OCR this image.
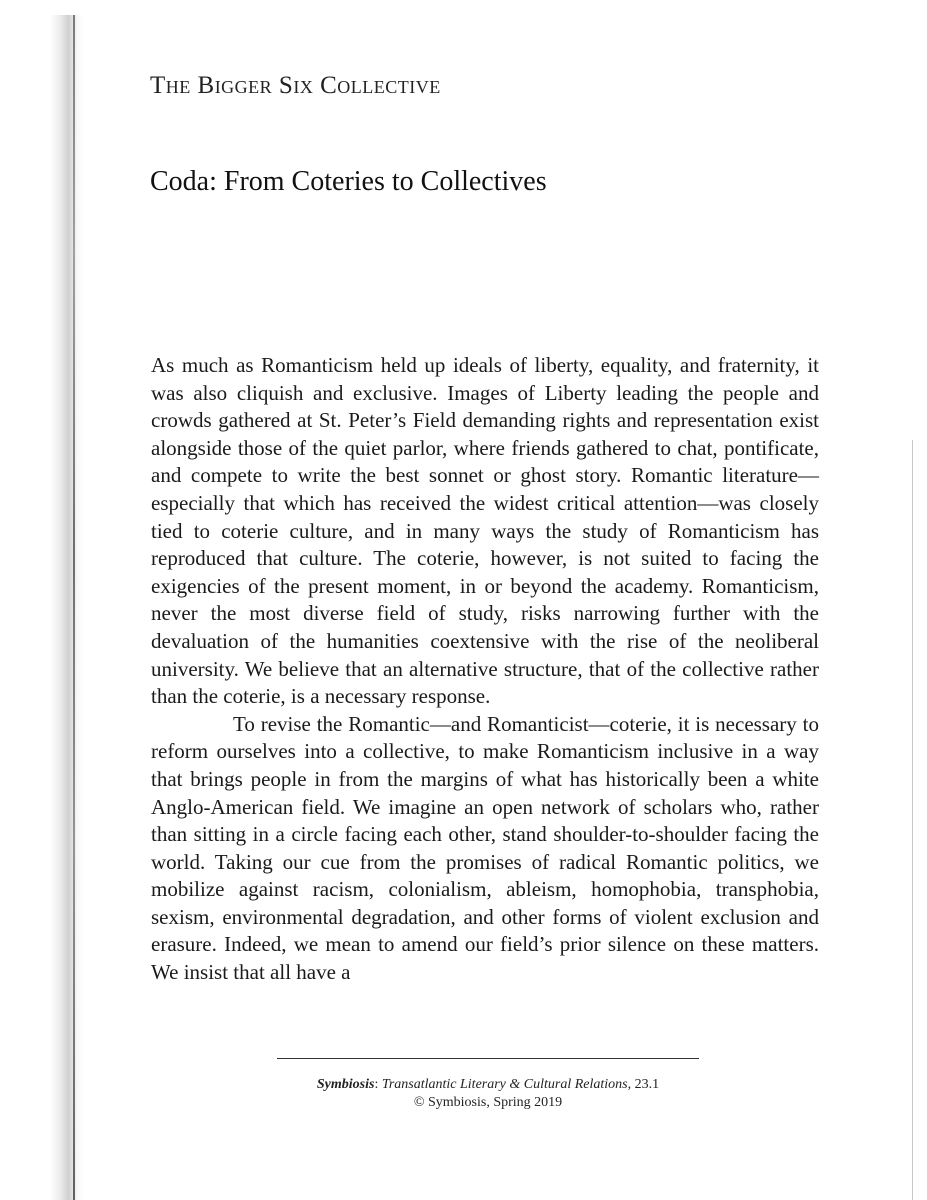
The Bigger Six Collective
Coda: From Coteries to Collectives

As much as Romanticism held up ideals of liberty, equality, and fraternity, it was also cliquish and exclusive. Images of Liberty leading the people and crowds gathered at St. Peter’s Field demanding rights and representation exist alongside those of the quiet parlor, where friends gathered to chat, pontificate, and compete to write the best sonnet or ghost story. Romantic literature—especially that which has received the widest critical attention—was closely tied to coterie culture, and in many ways the study of Romanticism has reproduced that culture. The coterie, however, is not suited to facing the exigencies of the present moment, in or beyond the academy. Romanticism, never the most diverse field of study, risks narrowing further with the devaluation of the humanities coextensive with the rise of the neoliberal university. We believe that an alternative structure, that of the collective rather than the coterie, is a necessary response.

To revise the Romantic—and Romanticist—coterie, it is necessary to reform ourselves into a collective, to make Romanticism inclusive in a way that brings people in from the margins of what has historically been a white Anglo-American field. We imagine an open network of scholars who, rather than sitting in a circle facing each other, stand shoulder-to-shoulder facing the world. Taking our cue from the promises of radical Romantic politics, we mobilize against racism, colonialism, ableism, homophobia, transphobia, sexism, environmental degradation, and other forms of violent exclusion and erasure. Indeed, we mean to amend our field’s prior silence on these matters. We insist that all have a

Symbiosis: Transatlantic Literary & Cultural Relations, 23.1
© Symbiosis, Spring 2019
